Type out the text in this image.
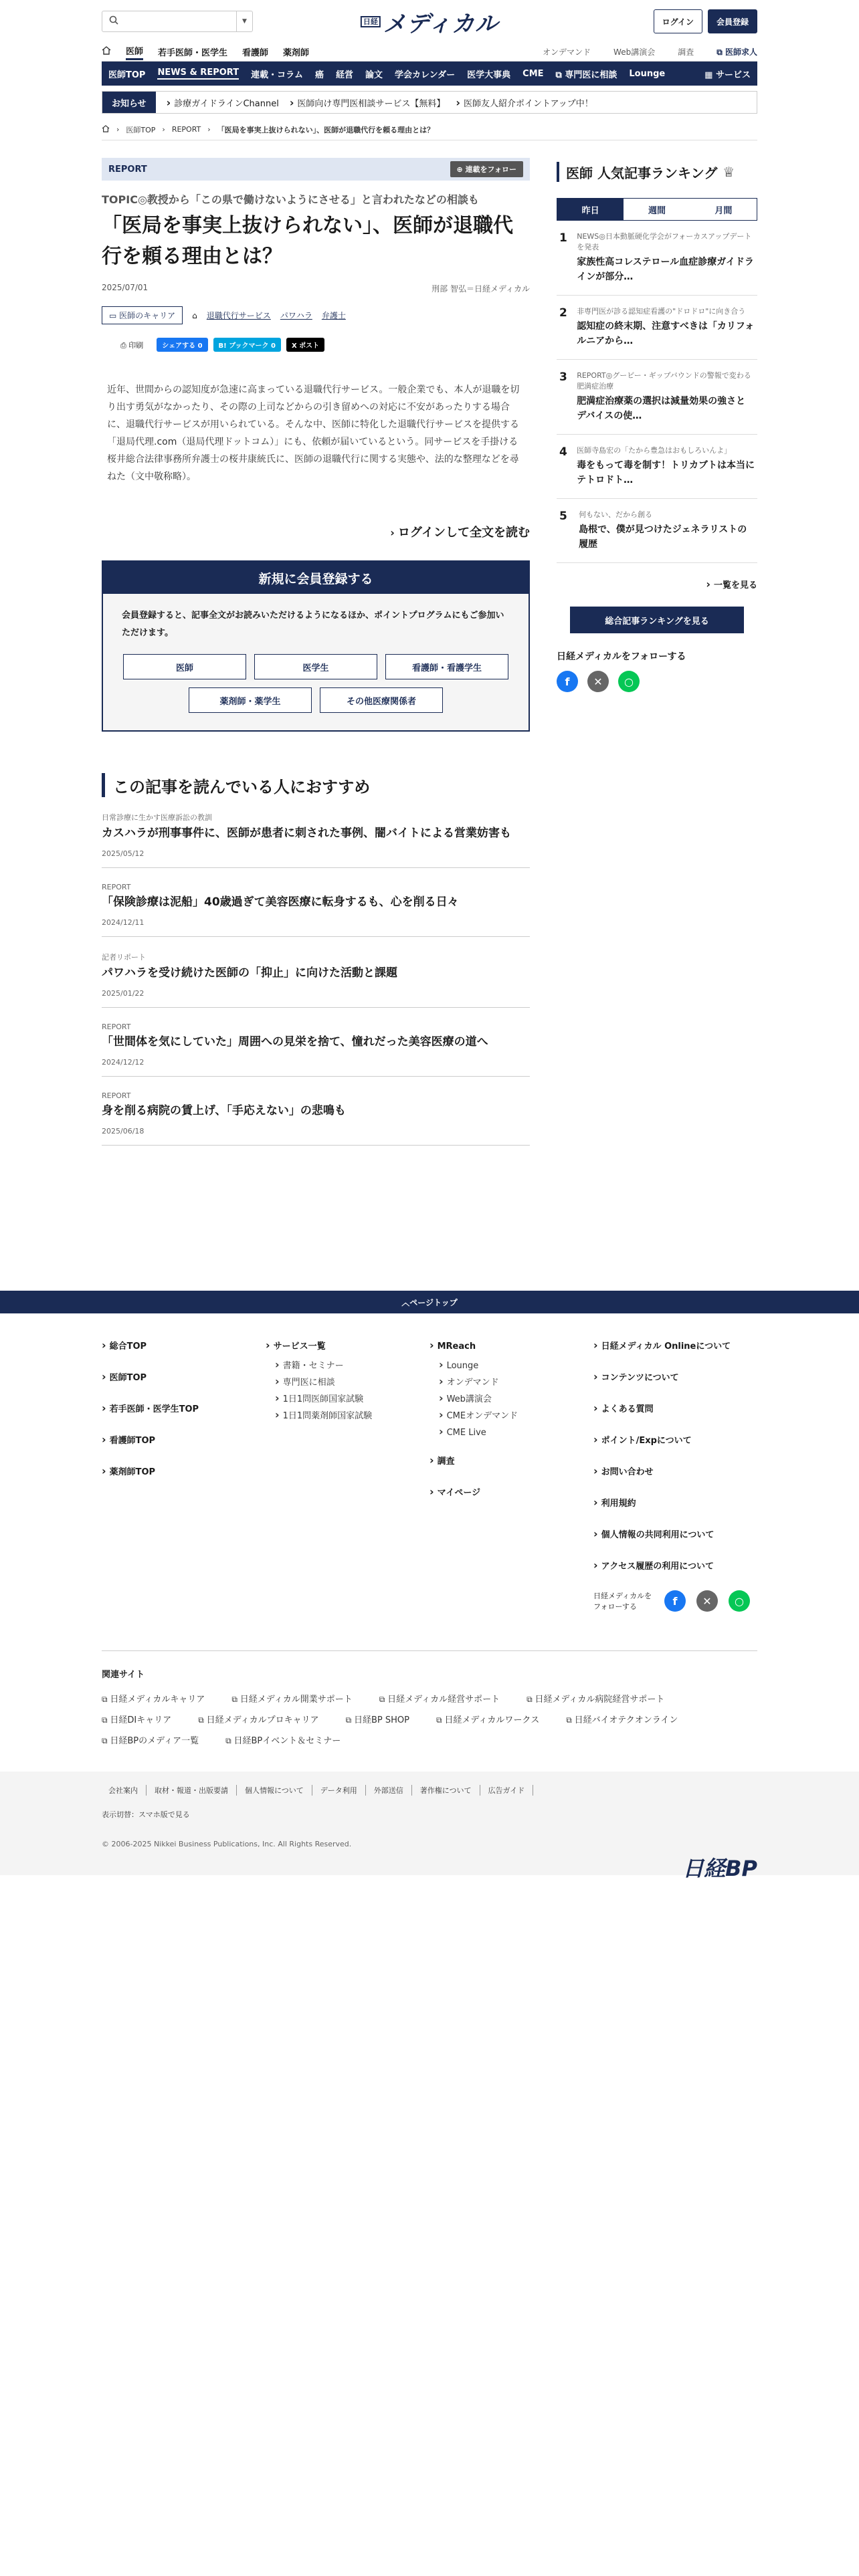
▼	日経 メディカル	ログイン	会員登録
医師 若手医師・医学生 看護師 薬剤師	オンデマンド	Web講演会	調査	⧉ 医師求人
医師TOP NEWS & REPORT 連載・コラム 癌 経営 論文 学会カレンダー 医学大事典 CME ⧉ 専門医に相談 Lounge	▦ サービス
お知らせ	› 診療ガイドラインChannel	› 医師向け専門医相談サービス【無料】	› 医師友人紹介ポイントアップ中！
› 医師TOP › REPORT › 「医局を事実上抜けられない」、医師が退職代行を頼る理由とは？
REPORT	⊕ 連載をフォロー
TOPIC◎教授から「この県で働けないようにさせる」と言われたなどの相談も
「医局を事実上抜けられない」、医師が退職代行を頼る理由とは？
2025/07/01	刑部 智弘＝日経メディカル
▭ 医師のキャリア	⌂ 退職代行サービス パワハラ 弁護士
⎙ 印刷	シェアする 0	B! ブックマーク 0	X ポスト

近年、世間からの認知度が急速に高まっている退職代行サービス。一般企業でも、本人が退職を切り出す勇気がなかったり、その際の上司などからの引き留めへの対応に不安があったりする場合に、退職代行サービスが用いられている。そんな中、医師に特化した退職代行サービスを提供する「退局代理.com（退局代理ドットコム）」にも、依頼が届いているという。同サービスを手掛ける桜井総合法律事務所弁護士の桜井康統氏に、医師の退職代行に関する実態や、法的な整理などを尋ねた（文中敬称略）。

› ログインして全文を読む
新規に会員登録する
会員登録すると、記事全文がお読みいただけるようになるほか、ポイントプログラムにもご参加いただけます。
医師	医学生	看護師・看護学生
薬剤師・薬学生	その他医療関係者
この記事を読んでいる人におすすめ
日常診療に生かす医療訴訟の教訓
カスハラが刑事事件に、医師が患者に刺された事例、闇バイトによる営業妨害も
2025/05/12
REPORT
「保険診療は泥船」40歳過ぎて美容医療に転身するも、心を削る日々
2024/12/11
記者リポート
パワハラを受け続けた医師の「抑止」に向けた活動と課題
2025/01/22
REPORT
「世間体を気にしていた」周囲への見栄を捨て、憧れだった美容医療の道へ
2024/12/12
REPORT
身を削る病院の賃上げ、「手応えない」の悲鳴も
2025/06/18
医師 人気記事ランキング ♕
昨日	週間	月間
1 NEWS◎日本動脈硬化学会がフォーカスアップデートを発表
家族性高コレステロール血症診療ガイドラインが部分…
2 非専門医が診る認知症看護の"ドロドロ"に向き合う
認知症の終末期、注意すべきは「カリフォルニアから…
3 REPORT◎グービー・ギップバウンドの警報で変わる肥満症治療
肥満症治療薬の選択は減量効果の強さとデバイスの使…
4 医師寺島宏の「たから豊急はおもしろいんよ」
毒をもって毒を制す！トリカブトは本当にテトロドト…
5 何もない、だから創る
島根で、僕が見つけたジェネラリストの履歴
› 一覧を見る
総合記事ランキングを見る
日経メディカルをフォローする
f	✕	○
︿ ページトップ
› 総合TOP
› 医師TOP
› 若手医師・医学生TOP
› 看護師TOP
› 薬剤師TOP
› サービス一覧
› 書籍・セミナー
› 専門医に相談
› 1日1問医師国家試験
› 1日1問薬剤師国家試験
› MReach
› Lounge
› オンデマンド
› Web講演会
› CMEオンデマンド
› CME Live
› 調査
› マイページ
› 日経メディカル Onlineについて
› コンテンツについて
› よくある質問
› ポイント/Expについて
› お問い合わせ
› 利用規約
› 個人情報の共同利用について
› アクセス履歴の利用について
日経メディカルをフォローする	f	✕	○
関連サイト
⧉ 日経メディカルキャリア	⧉ 日経メディカル開業サポート	⧉ 日経メディカル経営サポート	⧉ 日経メディカル病院経営サポート
⧉ 日経DIキャリア	⧉ 日経メディカルプロキャリア	⧉ 日経BP SHOP	⧉ 日経メディカルワークス	⧉ 日経バイオテクオンライン
⧉ 日経BPのメディア一覧	⧉ 日経BPイベント＆セミナー
会社案内	取材・報道・出版要請	個人情報について	データ利用	外部送信	著作権について	広告ガイド
表示切替：スマホ版で見る
© 2006-2025 Nikkei Business Publications, Inc. All Rights Reserved.
日経BP
